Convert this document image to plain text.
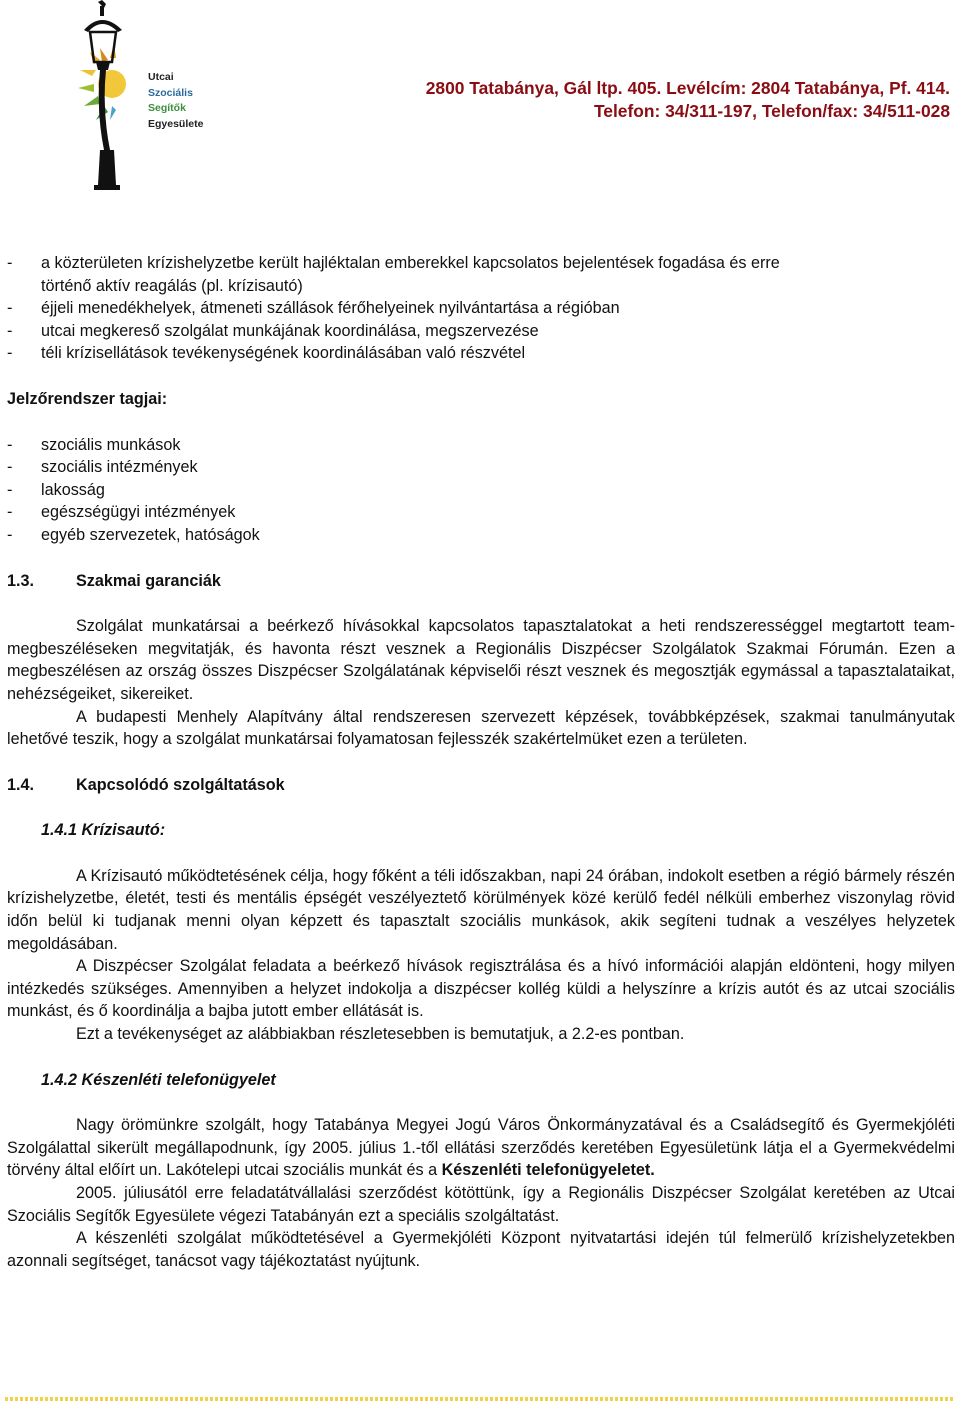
Utcai
Szociális
Segítők
Egyesülete
2800 Tatabánya, Gál ltp. 405. Levélcím: 2804 Tatabánya, Pf. 414.
Telefon: 34/311-197, Telefon/fax: 34/511-028
-	a közterületen krízishelyzetbe került hajléktalan emberekkel kapcsolatos bejelentések fogadása és erre
történő aktív reagálás (pl. krízisautó)
-	éjjeli menedékhelyek, átmeneti szállások férőhelyeinek nyilvántartása a régióban
-	utcai megkereső szolgálat munkájának koordinálása, megszervezése
-	téli krízisellátások tevékenységének koordinálásában való részvétel
Jelzőrendszer tagjai:
-	szociális munkások
-	szociális intézmények
-	lakosság
-	egészségügyi intézmények
-	egyéb szervezetek, hatóságok
1.3.	Szakmai garanciák

Szolgálat munkatársai a beérkező hívásokkal kapcsolatos tapasztalatokat a heti rendszerességgel megtartott team-megbeszéléseken megvitatják, és havonta részt vesznek a Regionális Diszpécser Szolgálatok Szakmai Fórumán. Ezen a megbeszélésen az ország összes Diszpécser Szolgálatának képviselői részt vesznek és megosztják egymással a tapasztalataikat, nehézségeiket, sikereiket.

A budapesti Menhely Alapítvány által rendszeresen szervezett képzések, továbbképzések, szakmai tanulmányutak lehetővé teszik, hogy a szolgálat munkatársai folyamatosan fejlesszék szakértelmüket ezen a területen.

1.4.	Kapcsolódó szolgáltatások
1.4.1 Krízisautó:

A Krízisautó működtetésének célja, hogy főként a téli időszakban, napi 24 órában, indokolt esetben a régió bármely részén krízishelyzetbe, életét, testi és mentális épségét veszélyeztető körülmények közé kerülő fedél nélküli emberhez viszonylag rövid időn belül ki tudjanak menni olyan képzett és tapasztalt szociális munkások, akik segíteni tudnak a veszélyes helyzetek megoldásában.

A Diszpécser Szolgálat feladata a beérkező hívások regisztrálása és a hívó információi alapján eldönteni, hogy milyen intézkedés szükséges. Amennyiben a helyzet indokolja a diszpécser kollég küldi a helyszínre a krízis autót és az utcai szociális munkást, és ő koordinálja a bajba jutott ember ellátását is.

Ezt a tevékenységet az alábbiakban részletesebben is bemutatjuk, a 2.2-es pontban.

1.4.2 Készenléti telefonügyelet

Nagy örömünkre szolgált, hogy Tatabánya Megyei Jogú Város Önkormányzatával és a Családsegítő és Gyermekjóléti Szolgálattal sikerült megállapodnunk, így 2005. július 1.-től ellátási szerződés keretében Egyesületünk látja el a Gyermekvédelmi törvény által előírt un. Lakótelepi utcai szociális munkát és a Készenléti telefonügyeletet.

2005. júliusától erre feladatátvállalási szerződést kötöttünk, így a Regionális Diszpécser Szolgálat keretében az Utcai Szociális Segítők Egyesülete végezi Tatabányán ezt a speciális szolgáltatást.

A készenléti szolgálat működtetésével a Gyermekjóléti Központ nyitvatartási idején túl felmerülő krízishelyzetekben azonnali segítséget, tanácsot vagy tájékoztatást nyújtunk.
